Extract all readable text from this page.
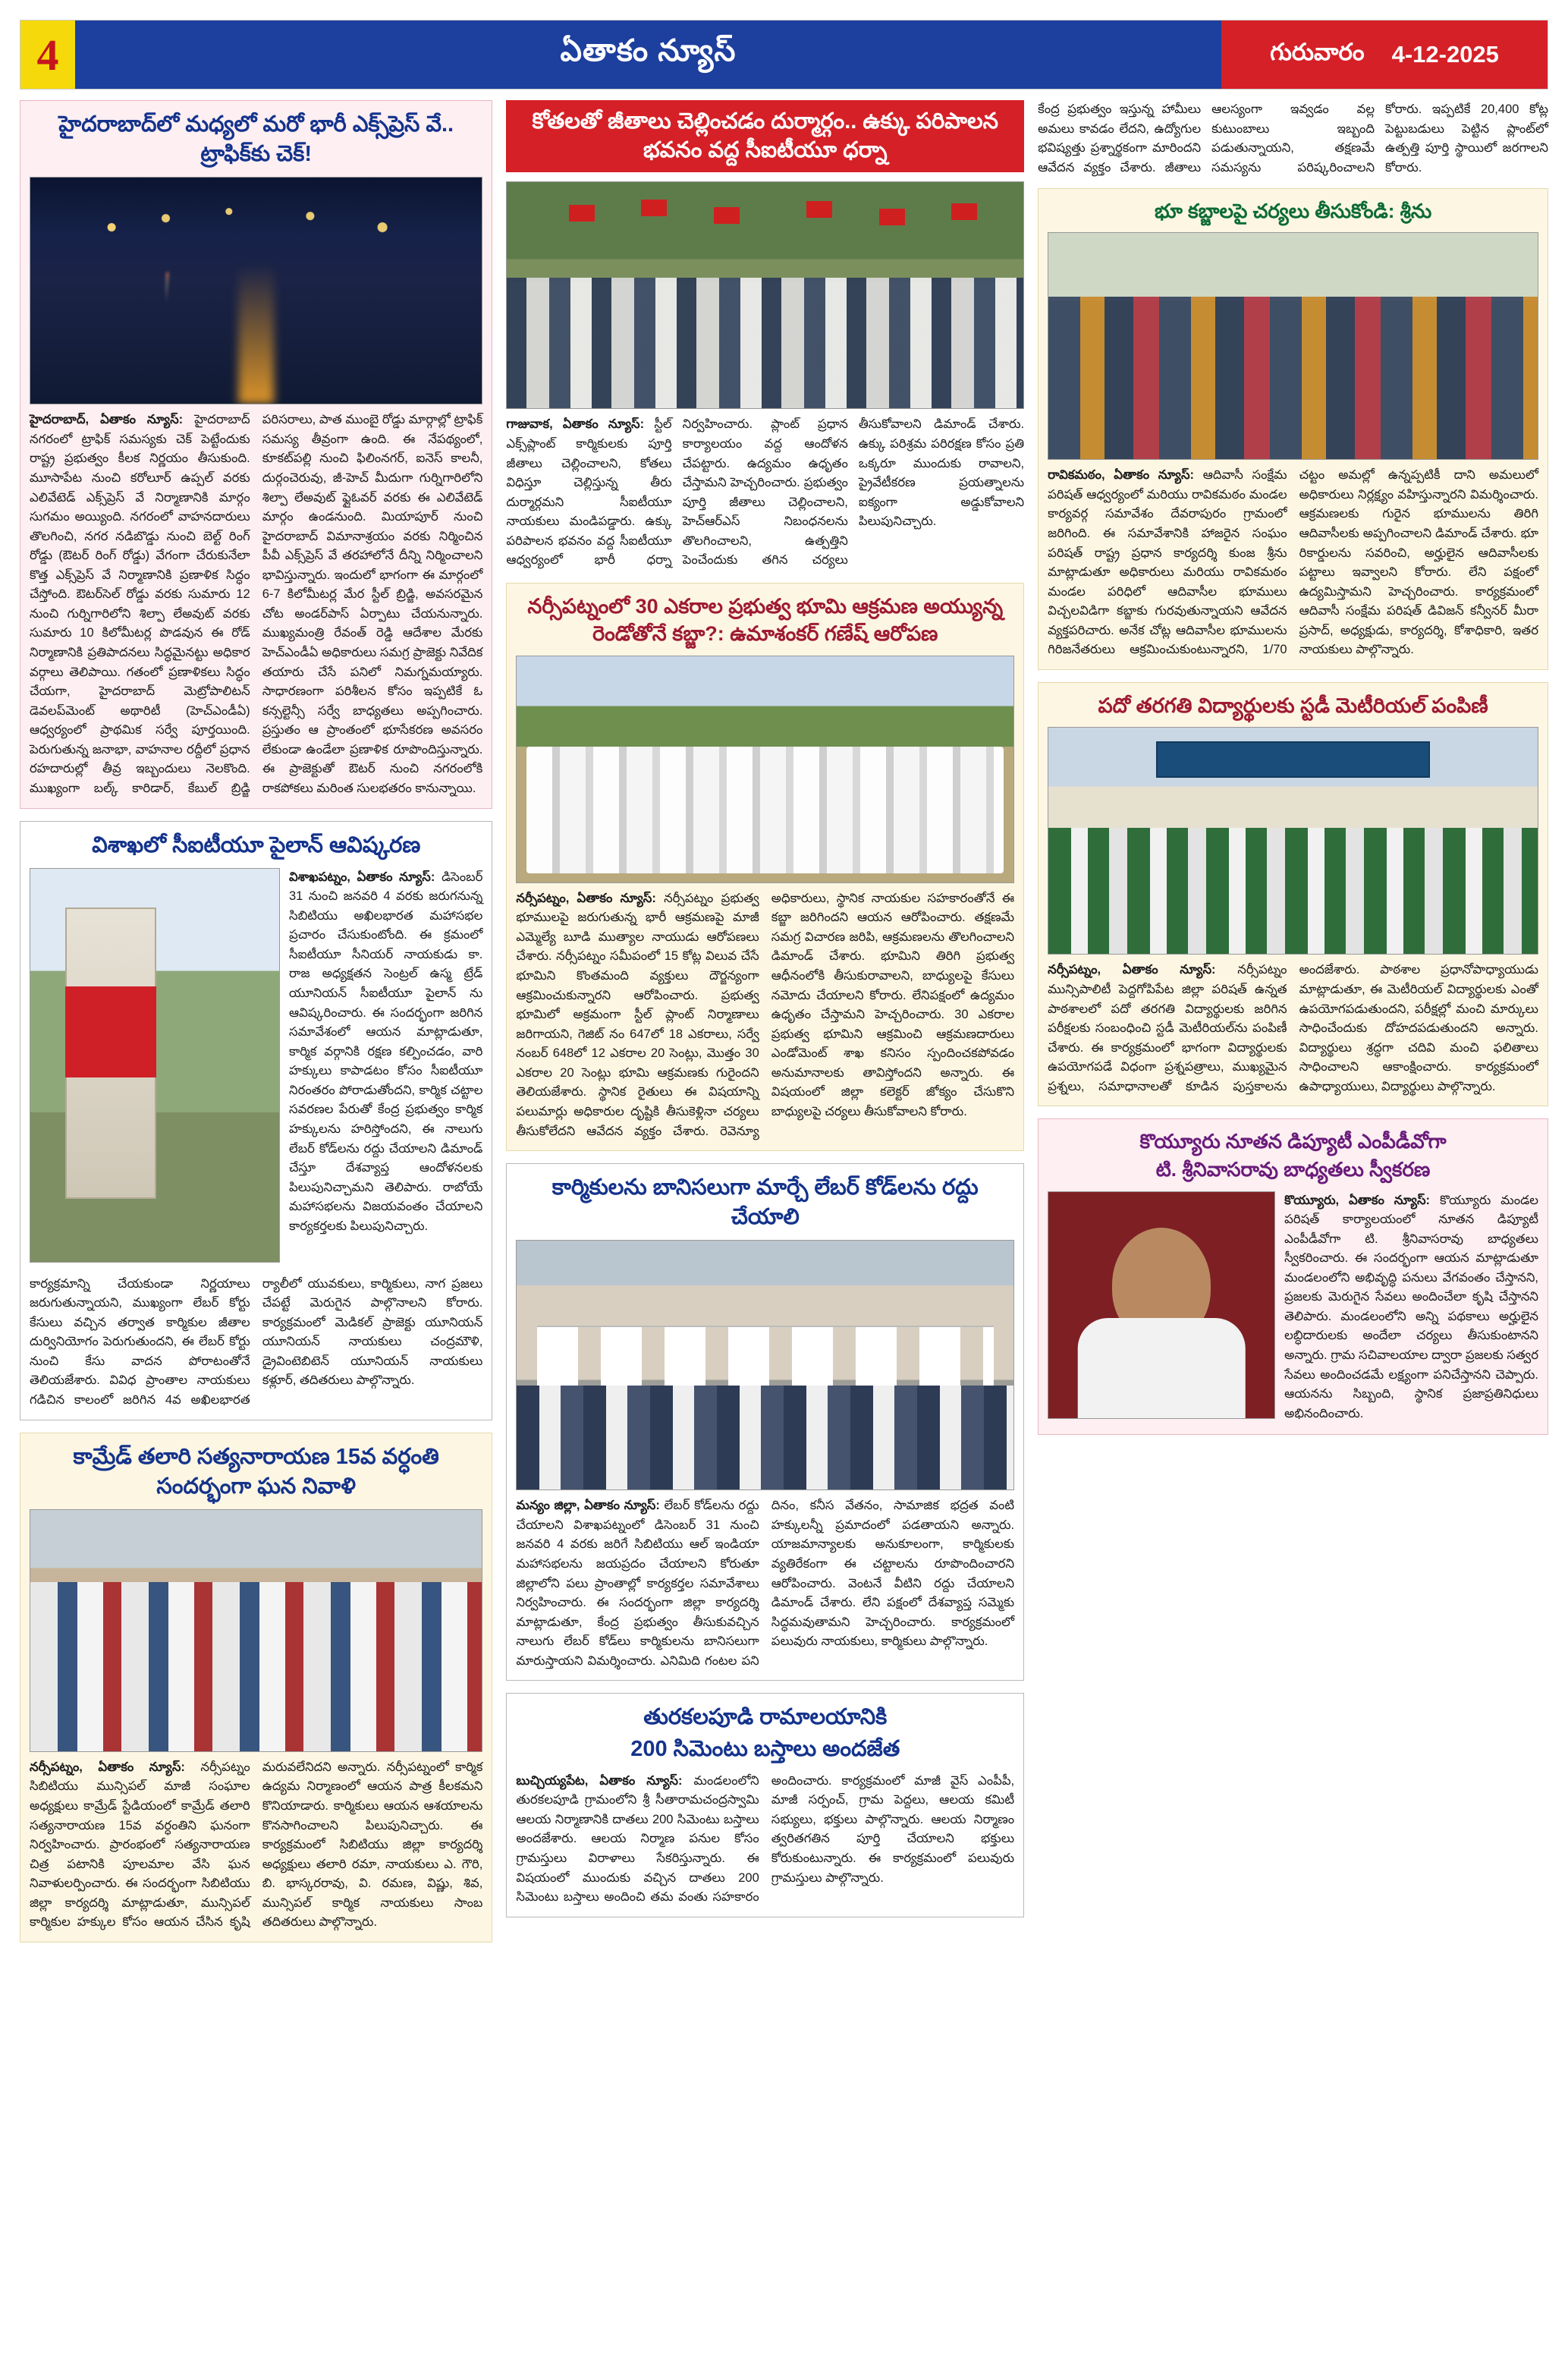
4	ఏతాకం న్యూస్	గురువారం 4-12-2025
హైదరాబాద్‌లో మధ్యలో మరో భారీ ఎక్స్‌ప్రెస్ వే.. ట్రాఫిక్‌కు చెక్!
హైదరాబాద్, ఏతాకం న్యూస్: హైదరాబాద్ నగరంలో ట్రాఫిక్ సమస్యకు చెక్ పెట్టేందుకు రాష్ట్ర ప్రభుత్వం కీలక నిర్ణయం తీసుకుంది. మూసాపేట నుంచి కరోలూర్ ఉప్పల్ వరకు ఎలివేటెడ్ ఎక్స్‌ప్రెస్ వే నిర్మాణానికి మార్గం సుగమం అయ్యింది. నగరంలో వాహనదారులు తొలగించి, నగర నడిబొడ్డు నుంచి బెల్ట్ రింగ్ రోడ్డు (ఔటర్ రింగ్ రోడ్డు) వేగంగా చేరుకునేలా కొత్త ఎక్స్‌ప్రెస్ వే నిర్మాణానికి ప్రణాళిక సిద్ధం చేస్తోంది. ఔటర్‌సెల్ రోడ్డు వరకు సుమారు 12 నుంచి గుర్నిగారిలోని శిల్పా లేఅవుట్ వరకు సుమారు 10 కిలోమీటర్ల పొడవున ఈ రోడ్ నిర్మాణానికి ప్రతిపాదనలు సిద్ధమైనట్టు అధికార వర్గాలు తెలిపాయి. గతంలో ప్రణాళికలు సిద్ధం చేయగా, హైదరాబాద్ మెట్రోపాలిటన్ డెవలప్‌మెంట్ అథారిటీ (హెచ్‌ఎండీఏ) ఆధ్వర్యంలో ప్రాథమిక సర్వే పూర్తయింది. పెరుగుతున్న జనాభా, వాహనాల రద్దీలో ప్రధాన రహదారుల్లో తీవ్ర ఇబ్బందులు నెలకొంది. ముఖ్యంగా బల్క్ కారిడార్, కేబుల్ బ్రిడ్జి పరిసరాలు, పాత ముంబై రోడ్డు మార్గాల్లో ట్రాఫిక్ సమస్య తీవ్రంగా ఉంది. ఈ నేపథ్యంలో, కూకట్‌పల్లి నుంచి ఫిలింనగర్, ఐనెస్ కాలనీ, దుర్గంచెరువు, జీ-హెచ్ మీదుగా గుర్నిగారిలోని శిల్పా లేఅవుట్ ఫ్లైఓవర్ వరకు ఈ ఎలివేటెడ్ మార్గం ఉండనుంది. మియాపూర్ నుంచి హైదరాబాద్ విమానాశ్రయం వరకు నిర్మించిన పీవీ ఎక్స్‌ప్రెస్ వే తరహాలోనే దీన్ని నిర్మించాలని భావిస్తున్నారు. ఇందులో భాగంగా ఈ మార్గంలో 6-7 కిలోమీటర్ల మేర స్టీల్ బ్రిడ్జి, అవసరమైన చోట అండర్‌పాస్ ఏర్పాటు చేయనున్నారు. ముఖ్యమంత్రి రేవంత్ రెడ్డి ఆదేశాల మేరకు హెచ్‌ఎండీఏ అధికారులు సమగ్ర ప్రాజెక్టు నివేదిక తయారు చేసే పనిలో నిమగ్నమయ్యారు. సాధారణంగా పరిశీలన కోసం ఇప్పటికే ఓ కన్సల్టెన్సీ సర్వే బాధ్యతలు అప్పగించారు. ప్రస్తుతం ఆ ప్రాంతంలో భూసేకరణ అవసరం లేకుండా ఉండేలా ప్రణాళిక రూపొందిస్తున్నారు. ఈ ప్రాజెక్టుతో ఔటర్ నుంచి నగరంలోకి రాకపోకలు మరింత సులభతరం కానున్నాయి.
విశాఖలో సీఐటీయూ పైలాన్ ఆవిష్కరణ
విశాఖపట్నం, ఏతాకం న్యూస్: డిసెంబర్ 31 నుంచి జనవరి 4 వరకు జరుగనున్న సిబిటియు అఖిలభారత మహాసభల ప్రచారం చేసుకుంటోంది. ఈ క్రమంలో సీఐటీయూ సీనియర్ నాయకుడు కా. రాజ అధ్యక్షతన సెంట్రల్ ఉస్మ ట్రేడ్ యూనియన్ సీఐటీయూ పైలాన్ ను ఆవిష్కరించారు. ఈ సందర్భంగా జరిగిన సమావేశంలో ఆయన మాట్లాడుతూ, కార్మిక వర్గానికి రక్షణ కల్పించడం, వారి హక్కులు కాపాడటం కోసం సీఐటీయూ నిరంతరం పోరాడుతోందని, కార్మిక చట్టాల సవరణల పేరుతో కేంద్ర ప్రభుత్వం కార్మిక హక్కులను హరిస్తోందని, ఈ నాలుగు లేబర్ కోడ్‌లను రద్దు చేయాలని డిమాండ్ చేస్తూ దేశవ్యాప్త ఆందోళనలకు పిలుపునిచ్చామని తెలిపారు. రాబోయే మహాసభలను విజయవంతం చేయాలని కార్యకర్తలకు పిలుపునిచ్చారు.
కార్యక్రమాన్ని చేయకుండా నిర్ణయాలు జరుగుతున్నాయని, ముఖ్యంగా లేబర్ కోర్టు కేసులు వచ్చిన తర్వాత కార్మికుల జీతాల దుర్వినియోగం పెరుగుతుందని, ఈ లేబర్ కోర్టు నుంచి కేసు వాదన పోరాటంతోనే తెలియజేశారు. వివిధ ప్రాంతాల నాయకులు గడిచిన కాలంలో జరిగిన 4వ అఖిలభారత ర్యాలీలో యువకులు, కార్మికులు, నాగ ప్రజలు చేపట్టే మెరుగైన పాల్గొనాలని కోరారు. కార్యక్రమంలో మెడికల్ ప్రాజెక్టు యూనియన్ యూనియన్ నాయకులు చంద్రమౌళి, డ్రైవింటెబిటెన్ యూనియన్ నాయకులు కళ్లూర్, తదితరులు పాల్గొన్నారు.
కామ్రేడ్ తలారి సత్యనారాయణ 15వ వర్ధంతి సందర్భంగా ఘన నివాళి
నర్సీపట్నం, ఏతాకం న్యూస్: నర్సీపట్నం సిబిటియు మున్సిపల్ మాజీ సంఘాల అధ్యక్షులు కామ్రేడ్ స్టేడియంలో కామ్రేడ్ తలారి సత్యనారాయణ 15వ వర్ధంతిని ఘనంగా నిర్వహించారు. ప్రారంభంలో సత్యనారాయణ చిత్ర పటానికి పూలమాల వేసి ఘన నివాళులర్పించారు. ఈ సందర్భంగా సిబిటియు జిల్లా కార్యదర్శి మాట్లాడుతూ, మున్సిపల్ కార్మికుల హక్కుల కోసం ఆయన చేసిన కృషి మరువలేనిదని అన్నారు. నర్సీపట్నంలో కార్మిక ఉద్యమ నిర్మాణంలో ఆయన పాత్ర కీలకమని కొనియాడారు. కార్మికులు ఆయన ఆశయాలను కొనసాగించాలని పిలుపునిచ్చారు. ఈ కార్యక్రమంలో సిబిటియు జిల్లా కార్యదర్శి అధ్యక్షులు తలారి రమా, నాయకులు ఎ. గౌరి, బి. భాస్కరరావు, వి. రమణ, విష్ణు, శివ, మున్సిపల్ కార్మిక నాయకులు సాంబ తదితరులు పాల్గొన్నారు.
కోతలతో జీతాలు చెల్లించడం దుర్మార్గం.. ఉక్కు పరిపాలన భవనం వద్ద సీఐటీయూ ధర్నా
గాజువాక, ఏతాకం న్యూస్: స్టీల్ ఎక్స్‌ప్లాంట్ కార్మికులకు పూర్తి జీతాలు చెల్లించాలని, కోతలు విధిస్తూ చెల్లిస్తున్న తీరు దుర్మార్గమని సీఐటీయూ నాయకులు మండిపడ్డారు. ఉక్కు పరిపాలన భవనం వద్ద సీఐటీయూ ఆధ్వర్యంలో భారీ ధర్నా నిర్వహించారు. ప్లాంట్ ప్రధాన కార్యాలయం వద్ద ఆందోళన చేపట్టారు. ఉద్యమం ఉధృతం చేస్తామని హెచ్చరించారు. ప్రభుత్వం పూర్తి జీతాలు చెల్లించాలని, హెచ్‌ఆర్‌ఎస్ నిబంధనలను తొలగించాలని, ఉత్పత్తిని పెంచేందుకు తగిన చర్యలు తీసుకోవాలని డిమాండ్ చేశారు. ఉక్కు పరిశ్రమ పరిరక్షణ కోసం ప్రతి ఒక్కరూ ముందుకు రావాలని, ప్రైవేటీకరణ ప్రయత్నాలను ఐక్యంగా అడ్డుకోవాలని పిలుపునిచ్చారు.
నర్సీపట్నంలో 30 ఎకరాల ప్రభుత్వ భూమి ఆక్రమణ అయ్యున్న రెండోతోనే కబ్జా?: ఉమాశంకర్ గణేష్ ఆరోపణ
నర్సీపట్నం, ఏతాకం న్యూస్: నర్సీపట్నం ప్రభుత్వ భూములపై జరుగుతున్న భారీ ఆక్రమణపై మాజీ ఎమ్మెల్యే బూడి ముత్యాల నాయుడు ఆరోపణలు చేశారు. నర్సీపట్నం సమీపంలో 15 కోట్ల విలువ చేసే భూమిని కొంతమంది వ్యక్తులు దౌర్జన్యంగా ఆక్రమించుకున్నారని ఆరోపించారు. ప్రభుత్వ భూమిలో అక్రమంగా స్టీల్ ప్లాంట్ నిర్మాణాలు జరిగాయని, గెజిట్ నం 647లో 18 ఎకరాలు, సర్వే నంబర్ 648లో 12 ఎకరాల 20 సెంట్లు, మొత్తం 30 ఎకరాల 20 సెంట్లు భూమి ఆక్రమణకు గురైందని తెలియజేశారు. స్థానిక రైతులు ఈ విషయాన్ని పలుమార్లు అధికారుల దృష్టికి తీసుకెళ్లినా చర్యలు తీసుకోలేదని ఆవేదన వ్యక్తం చేశారు. రెవెన్యూ అధికారులు, స్థానిక నాయకుల సహకారంతోనే ఈ కబ్జా జరిగిందని ఆయన ఆరోపించారు. తక్షణమే సమగ్ర విచారణ జరిపి, ఆక్రమణలను తొలగించాలని డిమాండ్ చేశారు. భూమిని తిరిగి ప్రభుత్వ ఆధీనంలోకి తీసుకురావాలని, బాధ్యులపై కేసులు నమోదు చేయాలని కోరారు. లేనిపక్షంలో ఉద్యమం ఉధృతం చేస్తామని హెచ్చరించారు. 30 ఎకరాల ప్రభుత్వ భూమిని ఆక్రమించి ఆక్రమణదారులు ఎండోమెంట్ శాఖ కనిసం స్పందించకపోవడం అనుమానాలకు తావిస్తోందని అన్నారు. ఈ విషయంలో జిల్లా కలెక్టర్ జోక్యం చేసుకొని బాధ్యులపై చర్యలు తీసుకోవాలని కోరారు.
కార్మికులను బానిసలుగా మార్చే లేబర్ కోడ్‌లను రద్దు చేయాలి
మన్యం జిల్లా, ఏతాకం న్యూస్: లేబర్ కోడ్‌లను రద్దు చేయాలని విశాఖపట్నంలో డిసెంబర్ 31 నుంచి జనవరి 4 వరకు జరిగే సిబిటియు ఆల్ ఇండియా మహాసభలను జయప్రదం చేయాలని కోరుతూ జిల్లాలోని పలు ప్రాంతాల్లో కార్యకర్తల సమావేశాలు నిర్వహించారు. ఈ సందర్భంగా జిల్లా కార్యదర్శి మాట్లాడుతూ, కేంద్ర ప్రభుత్వం తీసుకువచ్చిన నాలుగు లేబర్ కోడ్‌లు కార్మికులను బానిసలుగా మారుస్తాయని విమర్శించారు. ఎనిమిది గంటల పని దినం, కనీస వేతనం, సామాజిక భద్రత వంటి హక్కులన్నీ ప్రమాదంలో పడతాయని అన్నారు. యాజమాన్యాలకు అనుకూలంగా, కార్మికులకు వ్యతిరేకంగా ఈ చట్టాలను రూపొందించారని ఆరోపించారు. వెంటనే వీటిని రద్దు చేయాలని డిమాండ్ చేశారు. లేని పక్షంలో దేశవ్యాప్త సమ్మెకు సిద్ధమవుతామని హెచ్చరించారు. కార్యక్రమంలో పలువురు నాయకులు, కార్మికులు పాల్గొన్నారు.
తురకలపూడి రామాలయానికి
200 సిమెంటు బస్తాలు అందజేత
బుచ్చియ్యపేట, ఏతాకం న్యూస్: మండలంలోని తురకలపూడి గ్రామంలోని శ్రీ సీతారామచంద్రస్వామి ఆలయ నిర్మాణానికి దాతలు 200 సిమెంటు బస్తాలు అందజేశారు. ఆలయ నిర్మాణ పనుల కోసం గ్రామస్తులు విరాళాలు సేకరిస్తున్నారు. ఈ విషయంలో ముందుకు వచ్చిన దాతలు 200 సిమెంటు బస్తాలు అందించి తమ వంతు సహకారం అందించారు. కార్యక్రమంలో మాజీ వైస్ ఎంపీపీ, మాజీ సర్పంచ్, గ్రామ పెద్దలు, ఆలయ కమిటీ సభ్యులు, భక్తులు పాల్గొన్నారు. ఆలయ నిర్మాణం త్వరితగతిన పూర్తి చేయాలని భక్తులు కోరుకుంటున్నారు. ఈ కార్యక్రమంలో పలువురు గ్రామస్తులు పాల్గొన్నారు.
కేంద్ర ప్రభుత్వం ఇస్తున్న హామీలు అమలు కావడం లేదని, ఉద్యోగుల భవిష్యత్తు ప్రశ్నార్థకంగా మారిందని ఆవేదన వ్యక్తం చేశారు. జీతాలు ఆలస్యంగా ఇవ్వడం వల్ల కుటుంబాలు ఇబ్బంది పడుతున్నాయని, తక్షణమే సమస్యను పరిష్కరించాలని కోరారు. ఇప్పటికే 20,400 కోట్ల పెట్టుబడులు పెట్టిన ప్లాంట్‌లో ఉత్పత్తి పూర్తి స్థాయిలో జరగాలని కోరారు.
భూ కబ్జాలపై చర్యలు తీసుకోండి: శ్రీను
రావికమఠం, ఏతాకం న్యూస్: ఆదివాసీ సంక్షేమ పరిషత్ ఆధ్వర్యంలో మరియు రావికమఠం మండల కార్యవర్గ సమావేశం దేవరాపురం గ్రామంలో జరిగింది. ఈ సమావేశానికి హాజరైన సంఘం పరిషత్ రాష్ట్ర ప్రధాన కార్యదర్శి కుంజ శ్రీను మాట్లాడుతూ అధికారులు మరియు రావికమఠం మండల పరిధిలో ఆదివాసీల భూములు విచ్చలవిడిగా కబ్జాకు గురవుతున్నాయని ఆవేదన వ్యక్తపరిచారు. అనేక చోట్ల ఆదివాసీల భూములను గిరిజనేతరులు ఆక్రమించుకుంటున్నారని, 1/70 చట్టం అమల్లో ఉన్నప్పటికీ దాని అమలులో అధికారులు నిర్లక్ష్యం వహిస్తున్నారని విమర్శించారు. ఆక్రమణలకు గురైన భూములను తిరిగి ఆదివాసీలకు అప్పగించాలని డిమాండ్ చేశారు. భూ రికార్డులను సవరించి, అర్హులైన ఆదివాసీలకు పట్టాలు ఇవ్వాలని కోరారు. లేని పక్షంలో ఉద్యమిస్తామని హెచ్చరించారు. కార్యక్రమంలో ఆదివాసీ సంక్షేమ పరిషత్ డివిజన్ కన్వీనర్ మీరా ప్రసాద్, అధ్యక్షుడు, కార్యదర్శి, కోశాధికారి, ఇతర నాయకులు పాల్గొన్నారు.
పదో తరగతి విద్యార్థులకు స్టడీ మెటీరియల్ పంపిణీ
నర్సీపట్నం, ఏతాకం న్యూస్: నర్సీపట్నం మున్సిపాలిటీ పెద్దగోపిపేట జిల్లా పరిషత్ ఉన్నత పాఠశాలలో పదో తరగతి విద్యార్థులకు జరిగిన పరీక్షలకు సంబంధించి స్టడీ మెటీరియల్‌ను పంపిణీ చేశారు. ఈ కార్యక్రమంలో భాగంగా విద్యార్థులకు ఉపయోగపడే విధంగా ప్రశ్నపత్రాలు, ముఖ్యమైన ప్రశ్నలు, సమాధానాలతో కూడిన పుస్తకాలను అందజేశారు. పాఠశాల ప్రధానోపాధ్యాయుడు మాట్లాడుతూ, ఈ మెటీరియల్ విద్యార్థులకు ఎంతో ఉపయోగపడుతుందని, పరీక్షల్లో మంచి మార్కులు సాధించేందుకు దోహదపడుతుందని అన్నారు. విద్యార్థులు శ్రద్ధగా చదివి మంచి ఫలితాలు సాధించాలని ఆకాంక్షించారు. కార్యక్రమంలో ఉపాధ్యాయులు, విద్యార్థులు పాల్గొన్నారు.
కొయ్యూరు నూతన డిప్యూటీ ఎంపీడీవోగా
టి. శ్రీనివాసరావు బాధ్యతలు స్వీకరణ
కొయ్యూరు, ఏతాకం న్యూస్: కొయ్యూరు మండల పరిషత్ కార్యాలయంలో నూతన డిప్యూటీ ఎంపీడీవోగా టి. శ్రీనివాసరావు బాధ్యతలు స్వీకరించారు. ఈ సందర్భంగా ఆయన మాట్లాడుతూ మండలంలోని అభివృద్ధి పనులు వేగవంతం చేస్తానని, ప్రజలకు మెరుగైన సేవలు అందించేలా కృషి చేస్తానని తెలిపారు. మండలంలోని అన్ని పథకాలు అర్హులైన లబ్ధిదారులకు అందేలా చర్యలు తీసుకుంటానని అన్నారు. గ్రామ సచివాలయాల ద్వారా ప్రజలకు సత్వర సేవలు అందించడమే లక్ష్యంగా పనిచేస్తానని చెప్పారు. ఆయనను సిబ్బంది, స్థానిక ప్రజాప్రతినిధులు అభినందించారు.
